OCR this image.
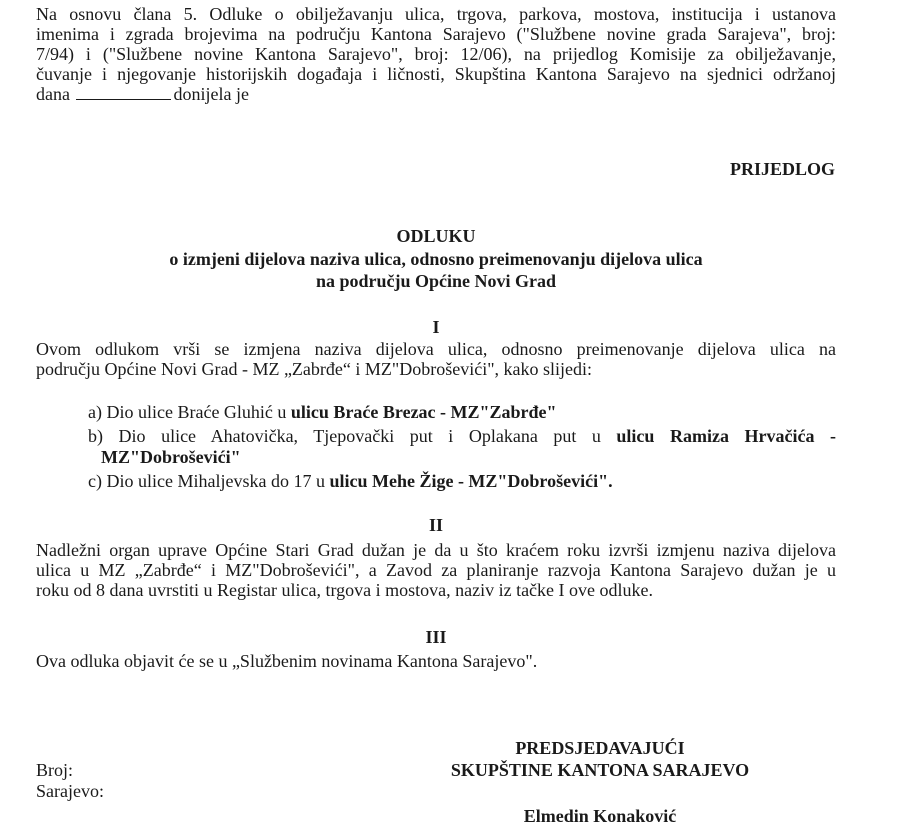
Na osnovu člana 5. Odluke o obilježavanju ulica, trgova, parkova, mostova, institucija i ustanova
imenima i zgrada brojevima na području Kantona Sarajevo ("Službene novine grada Sarajeva", broj:
7/94) i ("Službene novine Kantona Sarajevo", broj: 12/06), na prijedlog Komisije za obilježavanje,
čuvanje i njegovanje historijskih događaja i ličnosti, Skupština Kantona Sarajevo na sjednici održanoj
dana	donijela je
PRIJEDLOG
ODLUKU
o izmjeni dijelova naziva ulica, odnosno preimenovanju dijelova ulica
na području Općine Novi Grad
I
Ovom odlukom vrši se izmjena naziva dijelova ulica, odnosno preimenovanje dijelova ulica na
području Općine Novi Grad - MZ „Zabrđe“ i MZ"Dobroševići", kako slijedi:
a) Dio ulice Braće Gluhić u ulicu Braće Brezac - MZ"Zabrđe"
b) Dio ulice Ahatovička, Tjepovački put i Oplakana put u ulicu Ramiza Hrvačića -
MZ"Dobroševići"
c) Dio ulice Mihaljevska do 17 u ulicu Mehe Žige - MZ"Dobroševići".
II
Nadležni organ uprave Općine Stari Grad dužan je da u što kraćem roku izvrši izmjenu naziva dijelova
ulica u MZ „Zabrđe“ i MZ"Dobroševići", a Zavod za planiranje razvoja Kantona Sarajevo dužan je u
roku od 8 dana uvrstiti u Registar ulica, trgova i mostova, naziv iz tačke I ove odluke.
III
Ova odluka objavit će se u „Službenim novinama Kantona Sarajevo".
PREDSJEDAVAJUĆI
SKUPŠTINE KANTONA SARAJEVO
Elmedin Konaković
Broj:
Sarajevo:
